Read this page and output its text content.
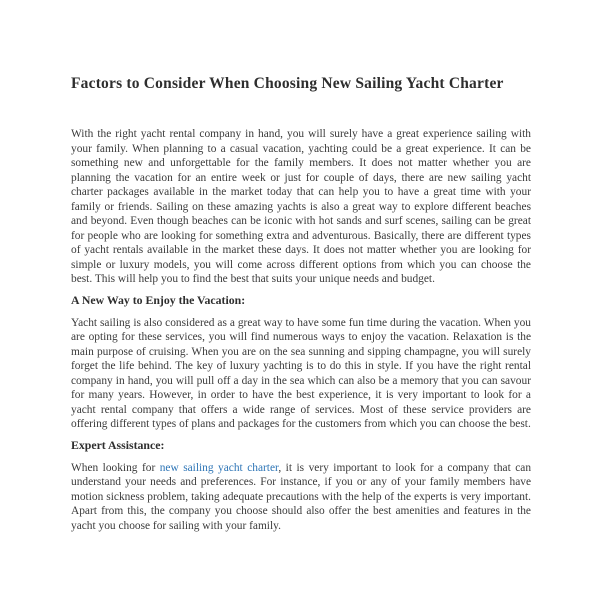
Factors to Consider When Choosing New Sailing Yacht Charter

With the right yacht rental company in hand, you will surely have a great experience sailing with your family. When planning to a casual vacation, yachting could be a great experience. It can be something new and unforgettable for the family members. It does not matter whether you are planning the vacation for an entire week or just for couple of days, there are new sailing yacht charter packages available in the market today that can help you to have a great time with your family or friends. Sailing on these amazing yachts is also a great way to explore different beaches and beyond. Even though beaches can be iconic with hot sands and surf scenes, sailing can be great for people who are looking for something extra and adventurous. Basically, there are different types of yacht rentals available in the market these days. It does not matter whether you are looking for simple or luxury models, you will come across different options from which you can choose the best. This will help you to find the best that suits your unique needs and budget.

A New Way to Enjoy the Vacation:

Yacht sailing is also considered as a great way to have some fun time during the vacation. When you are opting for these services, you will find numerous ways to enjoy the vacation. Relaxation is the main purpose of cruising. When you are on the sea sunning and sipping champagne, you will surely forget the life behind. The key of luxury yachting is to do this in style. If you have the right rental company in hand, you will pull off a day in the sea which can also be a memory that you can savour for many years. However, in order to have the best experience, it is very important to look for a yacht rental company that offers a wide range of services. Most of these service providers are offering different types of plans and packages for the customers from which you can choose the best.

Expert Assistance:

When looking for new sailing yacht charter, it is very important to look for a company that can understand your needs and preferences. For instance, if you or any of your family members have motion sickness problem, taking adequate precautions with the help of the experts is very important. Apart from this, the company you choose should also offer the best amenities and features in the yacht you choose for sailing with your family.
